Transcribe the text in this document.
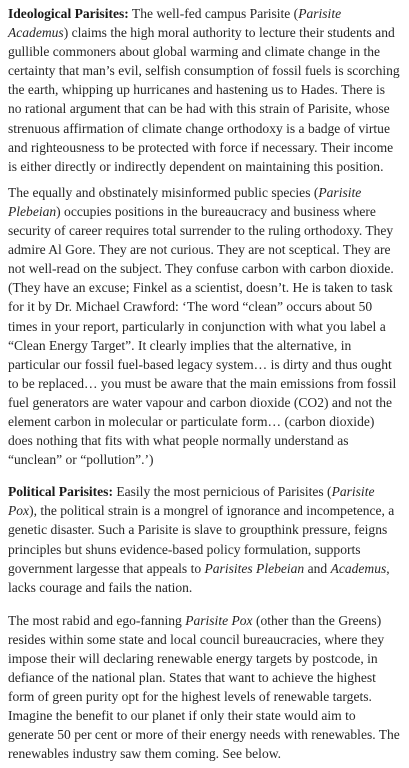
Ideological Parisites: The well-fed campus Parisite (Parisite Academus) claims the high moral authority to lecture their students and gullible commoners about global warming and climate change in the certainty that man’s evil, selfish consumption of fossil fuels is scorching the earth, whipping up hurricanes and hastening us to Hades. There is no rational argument that can be had with this strain of Parisite, whose strenuous affirmation of climate change orthodoxy is a badge of virtue and righteousness to be protected with force if necessary. Their income is either directly or indirectly dependent on maintaining this position.

The equally and obstinately misinformed public species (Parisite Plebeian) occupies positions in the bureaucracy and business where security of career requires total surrender to the ruling orthodoxy. They admire Al Gore. They are not curious. They are not sceptical. They are not well-read on the subject. They confuse carbon with carbon dioxide. (They have an excuse; Finkel as a scientist, doesn’t. He is taken to task for it by Dr. Michael Crawford: ‘The word “clean” occurs about 50 times in your report, particularly in conjunction with what you label a “Clean Energy Target”. It clearly implies that the alternative, in particular our fossil fuel-based legacy system… is dirty and thus ought to be replaced… you must be aware that the main emissions from fossil fuel generators are water vapour and carbon dioxide (CO2) and not the element carbon in molecular or particulate form… (carbon dioxide) does nothing that fits with what people normally understand as “unclean” or “pollution”.’)

Political Parisites: Easily the most pernicious of Parisites (Parisite Pox), the political strain is a mongrel of ignorance and incompetence, a genetic disaster. Such a Parisite is slave to groupthink pressure, feigns principles but shuns evidence-based policy formulation, supports government largesse that appeals to Parisites Plebeian and Academus, lacks courage and fails the nation.

The most rabid and ego-fanning Parisite Pox (other than the Greens) resides within some state and local council bureaucracies, where they impose their will declaring renewable energy targets by postcode, in defiance of the national plan. States that want to achieve the highest form of green purity opt for the highest levels of renewable targets. Imagine the benefit to our planet if only their state would aim to generate 50 per cent or more of their energy needs with renewables. The renewables industry saw them coming. See below.
